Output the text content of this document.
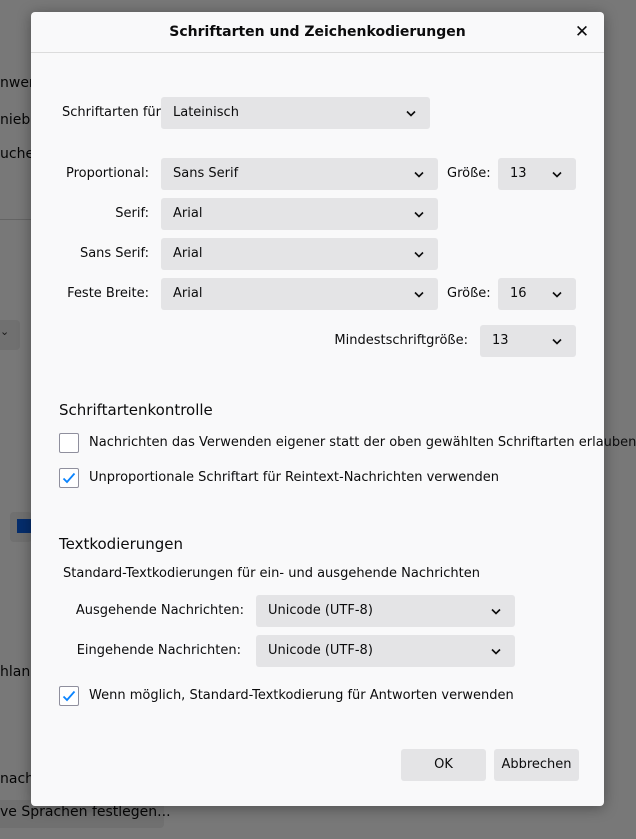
Schriftarten und Zeichenkodierungen	✕
Schriftarten für Lateinisch
Proportional:	Sans Serif	Größe:	13
Serif:	Arial
Sans Serif:	Arial
Feste Breite:	Arial	Größe:	16
Mindestschriftgröße:	13
Schriftartenkontrolle
Nachrichten das Verwenden eigener statt der oben gewählten Schriftarten erlauben
Unproportionale Schriftart für Reintext-Nachrichten verwenden
Textkodierungen
Standard-Textkodierungen für ein- und ausgehende Nachrichten
Ausgehende Nachrichten:	Unicode (UTF-8)
Eingehende Nachrichten:	Unicode (UTF-8)
Wenn möglich, Standard-Textkodierung für Antworten verwenden
OK	Abbrechen
